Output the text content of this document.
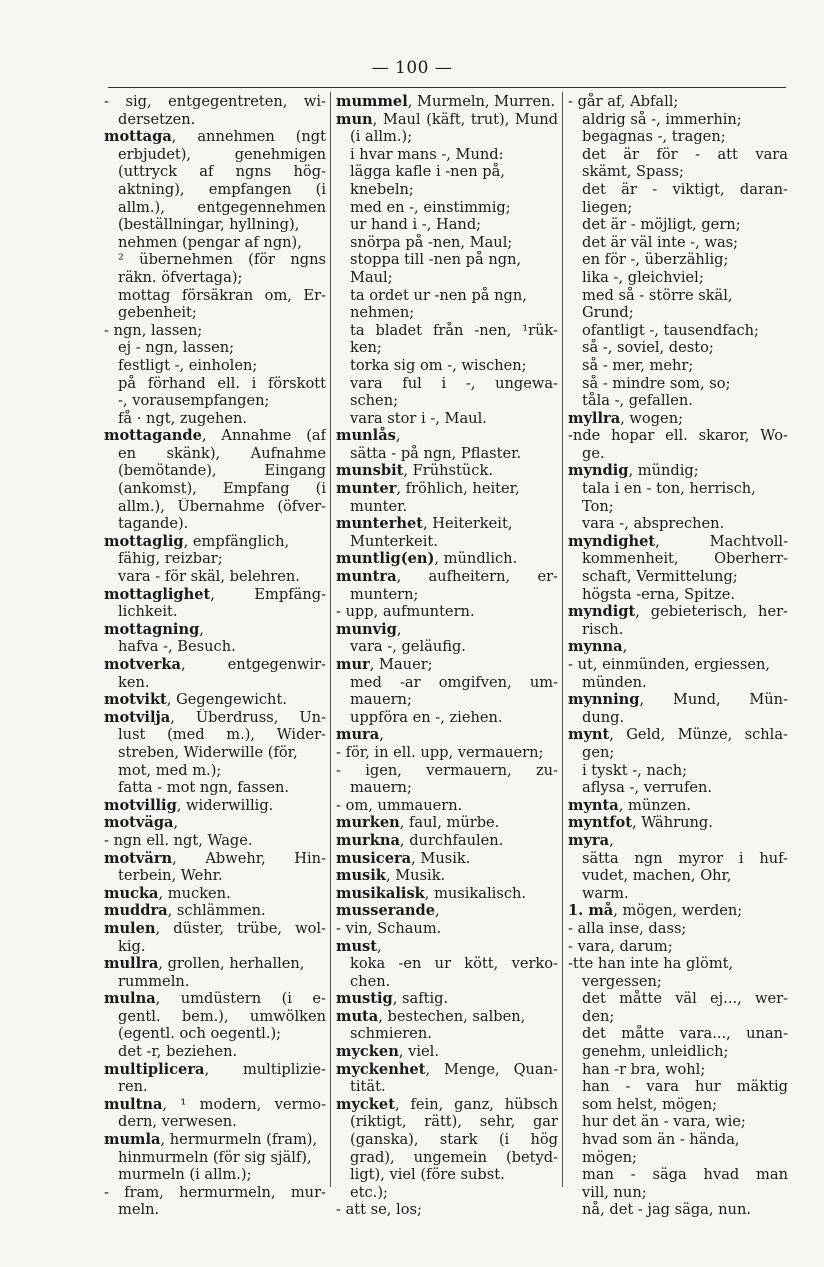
— 100 —
- sig, entgegentreten, wi-
dersetzen.
mottaga, annehmen (ngt
erbjudet), genehmigen
(uttryck af ngns hög-
aktning), empfangen (i
allm.), entgegennehmen
(beställningar, hyllning),
nehmen (pengar af ngn),
² übernehmen (för ngns
räkn. öfvertaga);
mottag försäkran om, Er-
gebenheit;
- ngn, lassen;
ej - ngn, lassen;
festligt -, einholen;
på förhand ell. i förskott
-, vorausempfangen;
få · ngt, zugehen.
mottagande, Annahme (af
en skänk), Aufnahme
(bemötande), Eingang
(ankomst), Empfang (i
allm.), Übernahme (öfver-
tagande).
mottaglig, empfänglich,
fähig, reizbar;
vara - för skäl, belehren.
mottaglighet, Empfäng-
lichkeit.
mottagning,
hafva -, Besuch.
motverka, entgegenwir-
ken.
motvikt, Gegengewicht.
motvilja, Überdruss, Un-
lust (med m.), Wider-
streben, Widerwille (för,
mot, med m.);
fatta - mot ngn, fassen.
motvillig, widerwillig.
motväga,
- ngn ell. ngt, Wage.
motvärn, Abwehr, Hin-
terbein, Wehr.
mucka, mucken.
muddra, schlämmen.
mulen, düster, trübe, wol-
kig.
mullra, grollen, herhallen,
rummeln.
mulna, umdüstern (i e-
gentl. bem.), umwölken
(egentl. och oegentl.);
det -r, beziehen.
multiplicera, multiplizie-
ren.
multna, ¹ modern, vermo-
dern, verwesen.
mumla, hermurmeln (fram),
hinmurmeln (för sig själf),
murmeln (i allm.);
- fram, hermurmeln, mur-
meln.
mummel, Murmeln, Murren.
mun, Maul (käft, trut), Mund
(i allm.);
i hvar mans -, Mund:
lägga kafle i -nen på,
knebeln;
med en -, einstimmig;
ur hand i -, Hand;
snörpa på -nen, Maul;
stoppa till -nen på ngn,
Maul;
ta ordet ur -nen på ngn,
nehmen;
ta bladet från -nen, ¹rük-
ken;
torka sig om -, wischen;
vara ful i -, ungewa-
schen;
vara stor i -, Maul.
munlås,
sätta - på ngn, Pflaster.
munsbit, Frühstück.
munter, fröhlich, heiter,
munter.
munterhet, Heiterkeit,
Munterkeit.
muntlig(en), mündlich.
muntra, aufheitern, er-
muntern;
- upp, aufmuntern.
munvig,
vara -, geläufig.
mur, Mauer;
med -ar omgifven, um-
mauern;
uppföra en -, ziehen.
mura,
- för, in ell. upp, vermauern;
- igen, vermauern, zu-
mauern;
- om, ummauern.
murken, faul, mürbe.
murkna, durchfaulen.
musicera, Musik.
musik, Musik.
musikalisk, musikalisch.
musserande,
- vin, Schaum.
must,
koka -en ur kött, verko-
chen.
mustig, saftig.
muta, bestechen, salben,
schmieren.
mycken, viel.
myckenhet, Menge, Quan-
tität.
mycket, fein, ganz, hübsch
(riktigt, rätt), sehr, gar
(ganska), stark (i hög
grad), ungemein (betyd-
ligt), viel (före subst.
etc.);
- att se, los;
- går af, Abfall;
aldrig så -, immerhin;
begagnas -, tragen;
det är för - att vara
skämt, Spass;
det är - viktigt, daran-
liegen;
det är - möjligt, gern;
det är väl inte -, was;
en för -, überzählig;
lika -, gleichviel;
med så - större skäl,
Grund;
ofantligt -, tausendfach;
så -, soviel, desto;
så - mer, mehr;
så - mindre som, so;
tåla -, gefallen.
myllra, wogen;
-nde hopar ell. skaror, Wo-
ge.
myndig, mündig;
tala i en - ton, herrisch,
Ton;
vara -, absprechen.
myndighet, Machtvoll-
kommenheit, Oberherr-
schaft, Vermittelung;
högsta -erna, Spitze.
myndigt, gebieterisch, her-
risch.
mynna,
- ut, einmünden, ergiessen,
münden.
mynning, Mund, Mün-
dung.
mynt, Geld, Münze, schla-
gen;
i tyskt -, nach;
aflysa -, verrufen.
mynta, münzen.
myntfot, Währung.
myra,
sätta ngn myror i huf-
vudet, machen, Ohr,
warm.
1. må, mögen, werden;
- alla inse, dass;
- vara, darum;
-tte han inte ha glömt,
vergessen;
det måtte väl ej..., wer-
den;
det måtte vara..., unan-
genehm, unleidlich;
han -r bra, wohl;
han - vara hur mäktig
som helst, mögen;
hur det än - vara, wie;
hvad som än - hända,
mögen;
man - säga hvad man
vill, nun;
nå, det - jag säga, nun.
